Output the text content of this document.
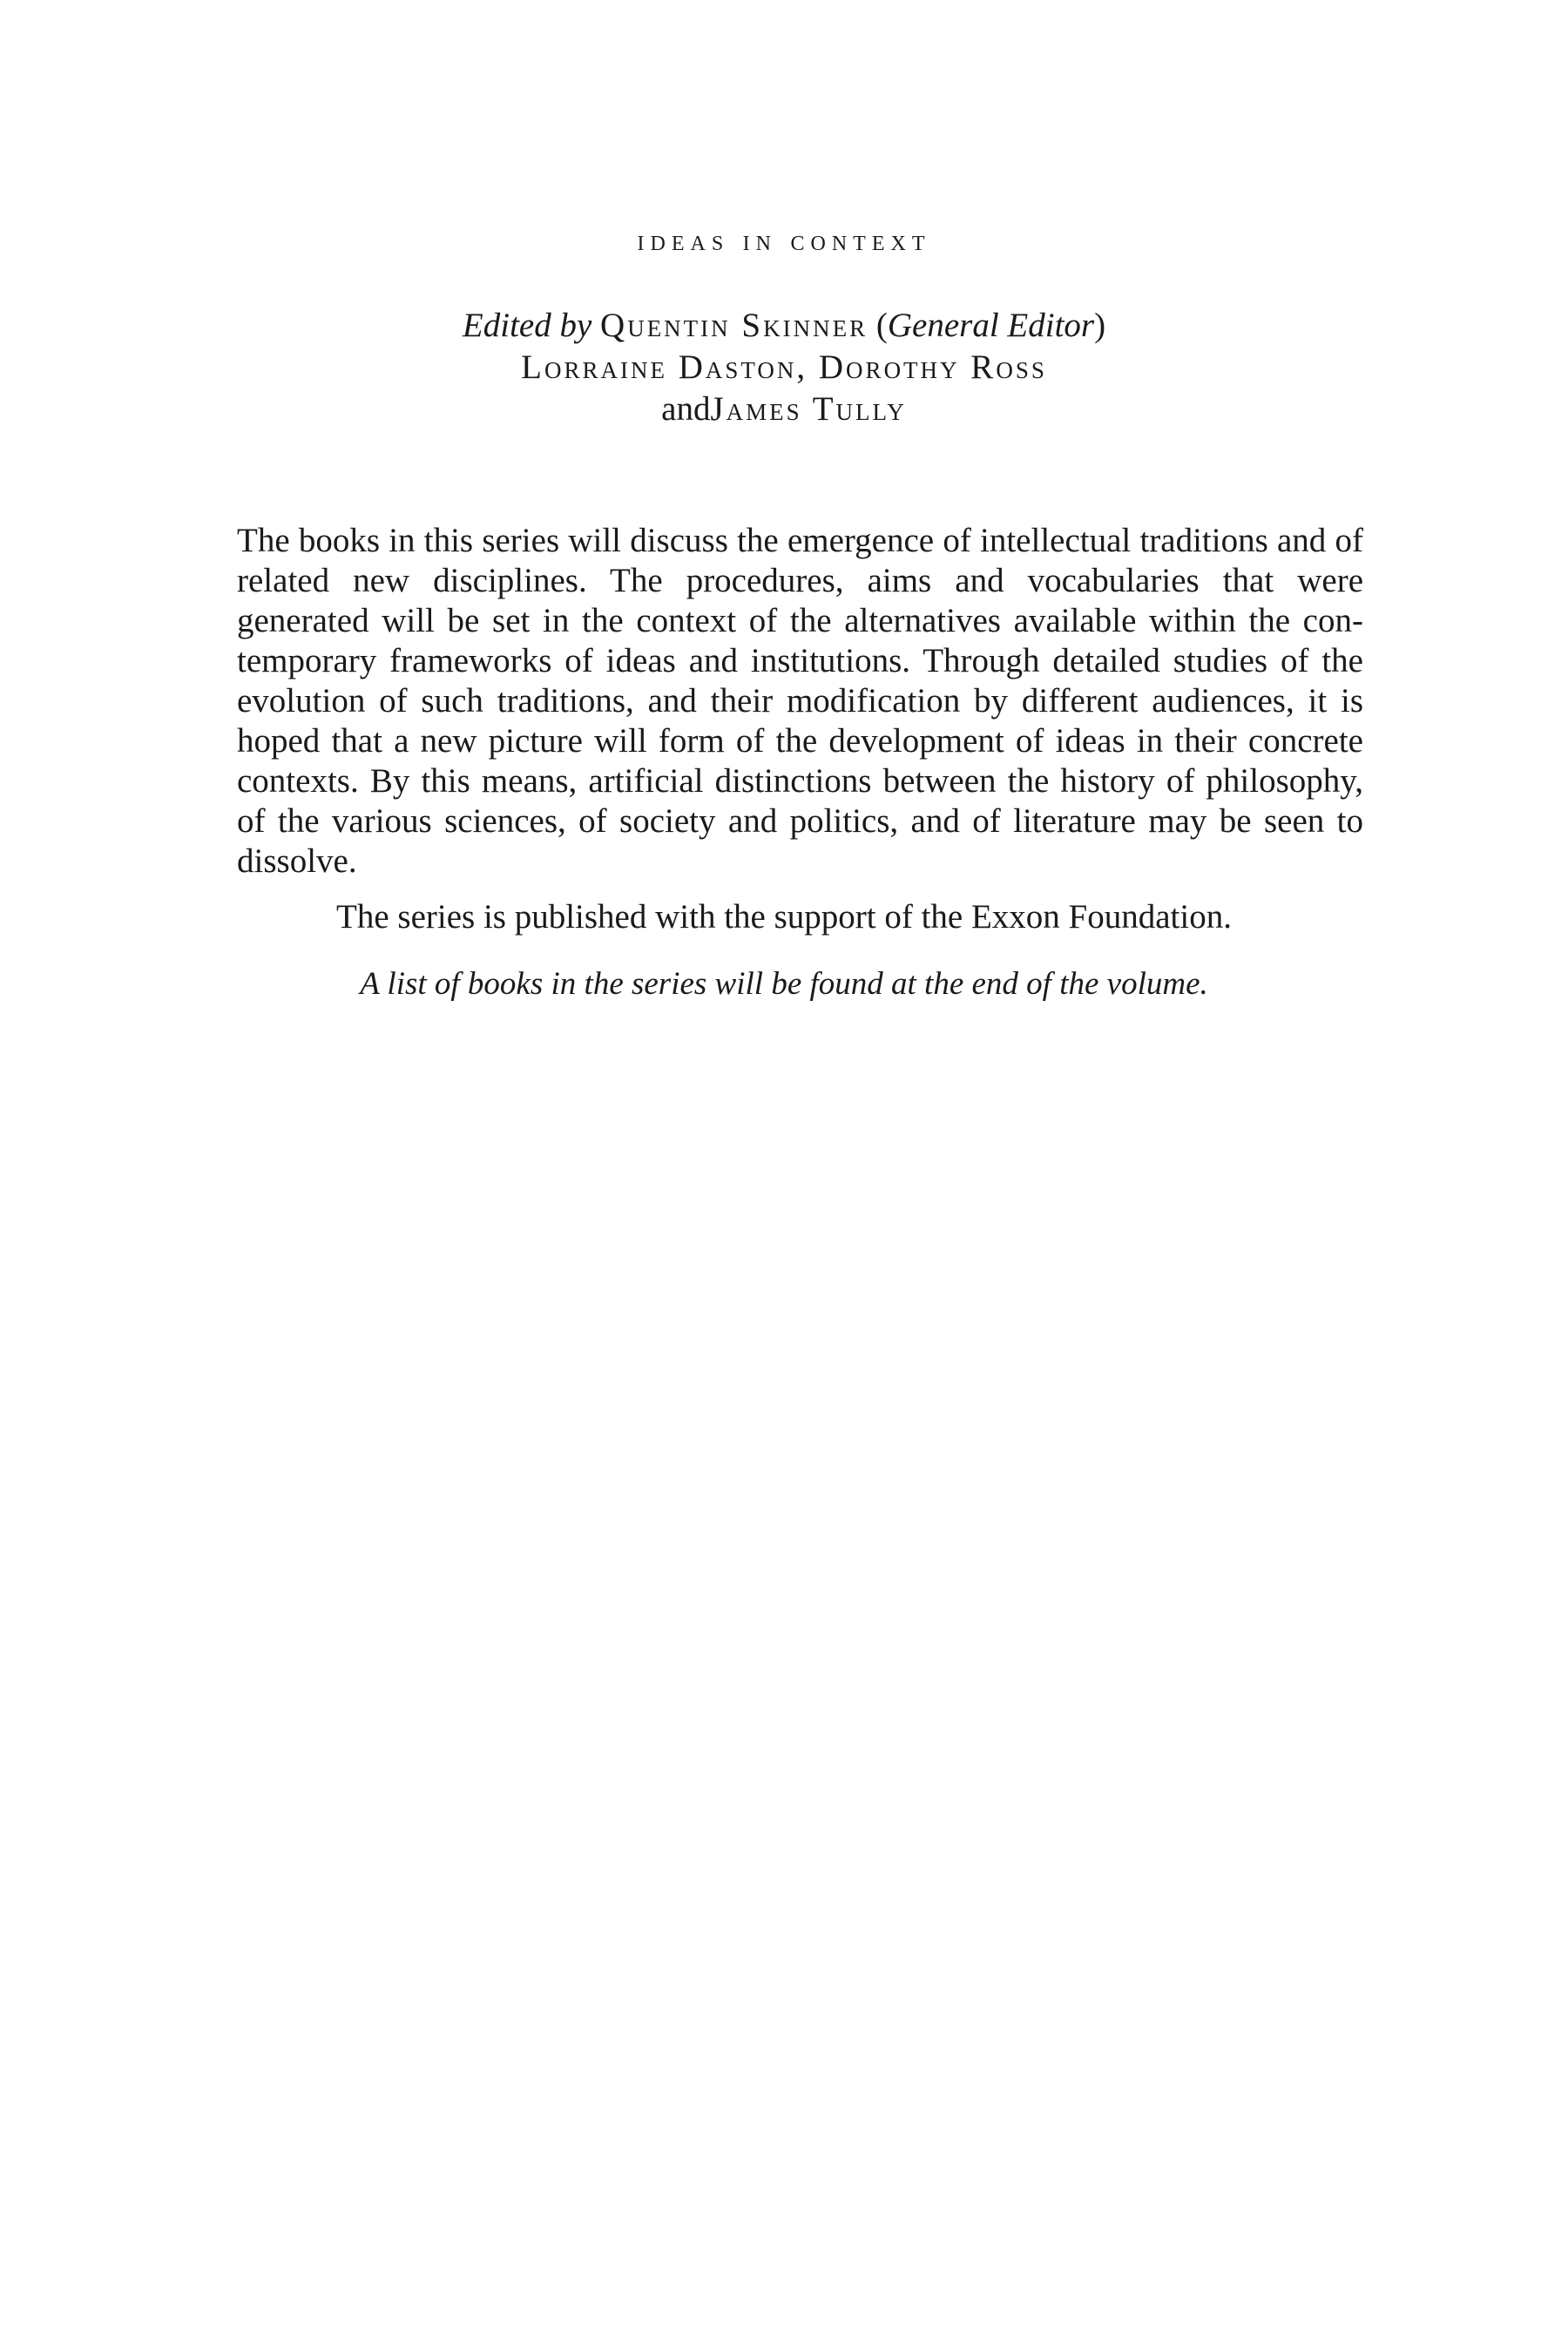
ideas in context
Edited by Quentin Skinner (General Editor)
Lorraine Daston, Dorothy Ross
andJames Tully
The books in this series will discuss the emergence of intellectual traditions and of related new disciplines. The procedures, aims and vocabularies that were generated will be set in the context of the alternatives available within the contemporary frameworks of ideas and institutions. Through detailed studies of the evolution of such traditions, and their modification by different audiences, it is hoped that a new picture will form of the development of ideas in their concrete contexts. By this means, artificial distinctions between the history of philosophy, of the various sciences, of society and politics, and of literature may be seen to dissolve.
The series is published with the support of the Exxon Foundation.
A list of books in the series will be found at the end of the volume.
